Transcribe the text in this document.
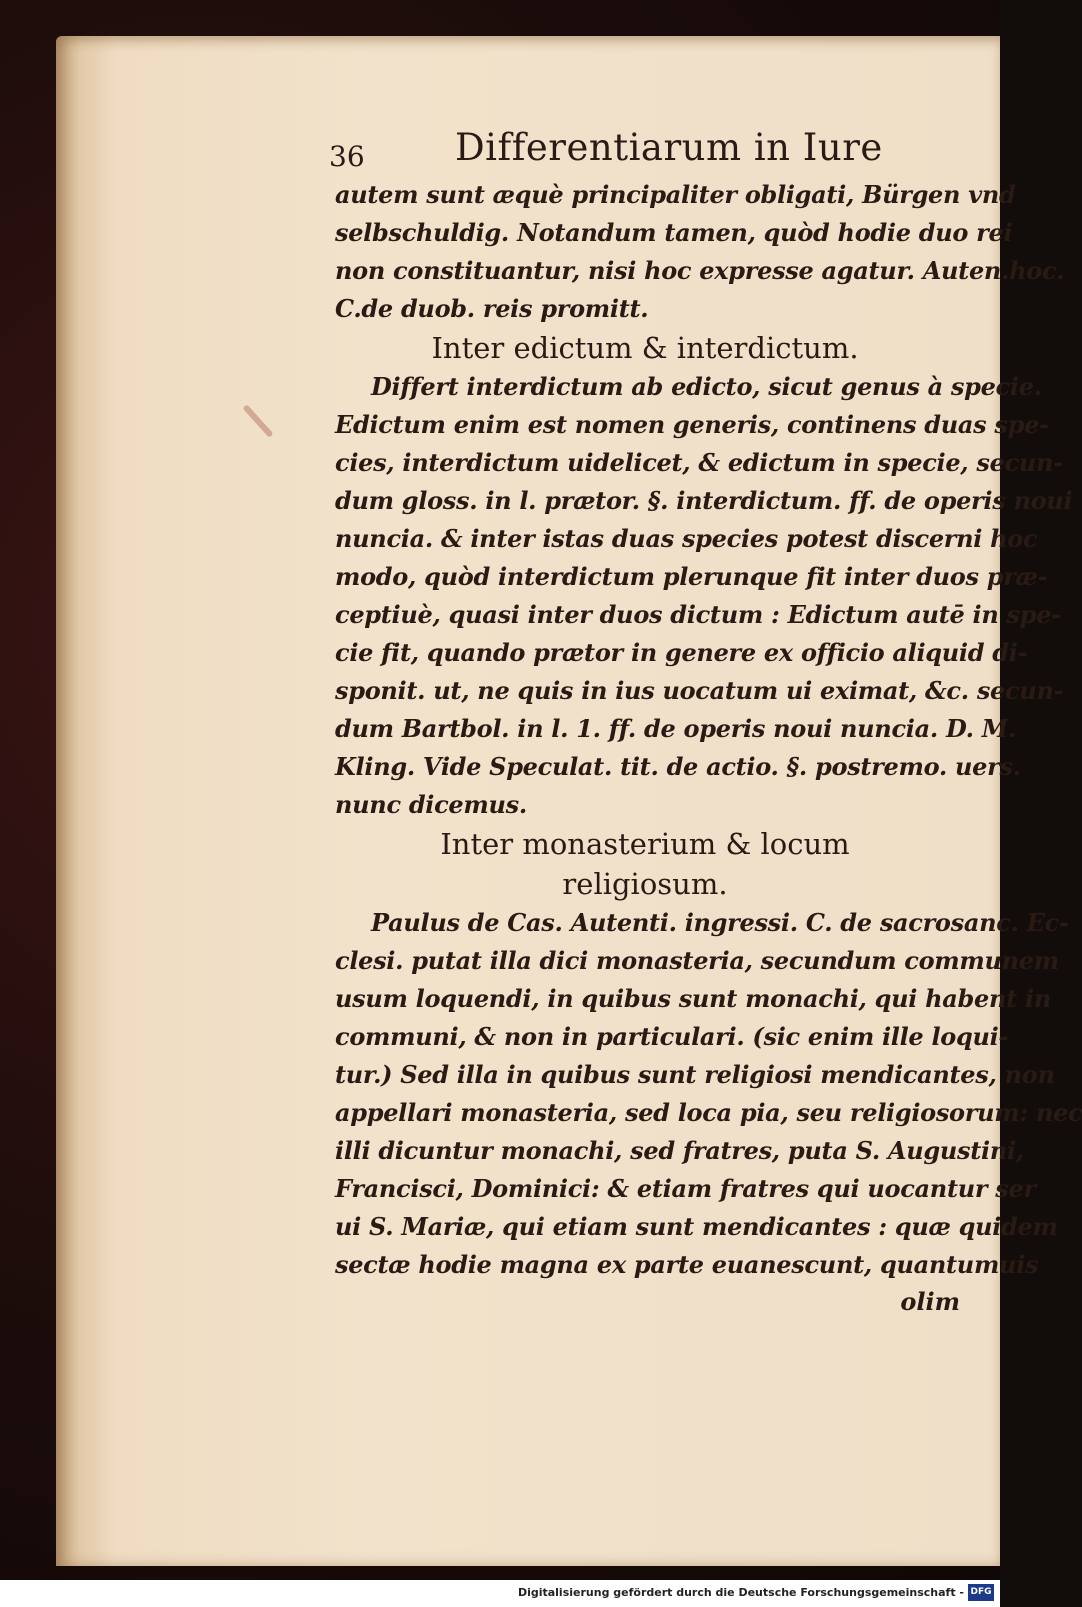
36 Differentiarum in Iure
autem sunt æquè principaliter obligati, Bürgen vnd
selbschuldig. Notandum tamen, quòd hodie duo rei
non constituantur, nisi hoc expresse agatur. Auten.hoc.
C.de duob. reis promitt.
Inter edictum & interdictum.
Differt interdictum ab edicto, sicut genus à specie.
Edictum enim est nomen generis, continens duas spe-
cies, interdictum uidelicet, & edictum in specie, secun-
dum gloss. in l. prætor. §. interdictum. ff. de operis noui
nuncia. & inter istas duas species potest discerni hoc
modo, quòd interdictum plerunque fit inter duos præ-
ceptiuè, quasi inter duos dictum : Edictum autē in spe-
cie fit, quando prætor in genere ex officio aliquid di-
sponit. ut, ne quis in ius uocatum ui eximat, &c. secun-
dum Bartbol. in l. 1. ff. de operis noui nuncia. D. M.
Kling. Vide Speculat. tit. de actio. §. postremo. uers.
nunc dicemus.
Inter monasterium & locum
religiosum.
Paulus de Cas. Autenti. ingressi. C. de sacrosanc. Ec-
clesi. putat illa dici monasteria, secundum communem
usum loquendi, in quibus sunt monachi, qui habent in
communi, & non in particulari. (sic enim ille loqui-
tur.) Sed illa in quibus sunt religiosi mendicantes, non
appellari monasteria, sed loca pia, seu religiosorum: nec
illi dicuntur monachi, sed fratres, puta S. Augustini,
Francisci, Dominici: & etiam fratres qui uocantur ser
ui S. Mariæ, qui etiam sunt mendicantes : quæ quidem
sectæ hodie magna ex parte euanescunt, quantumuis
olim
Digitalisierung gefördert durch die Deutsche Forschungsgemeinschaft - DFG
